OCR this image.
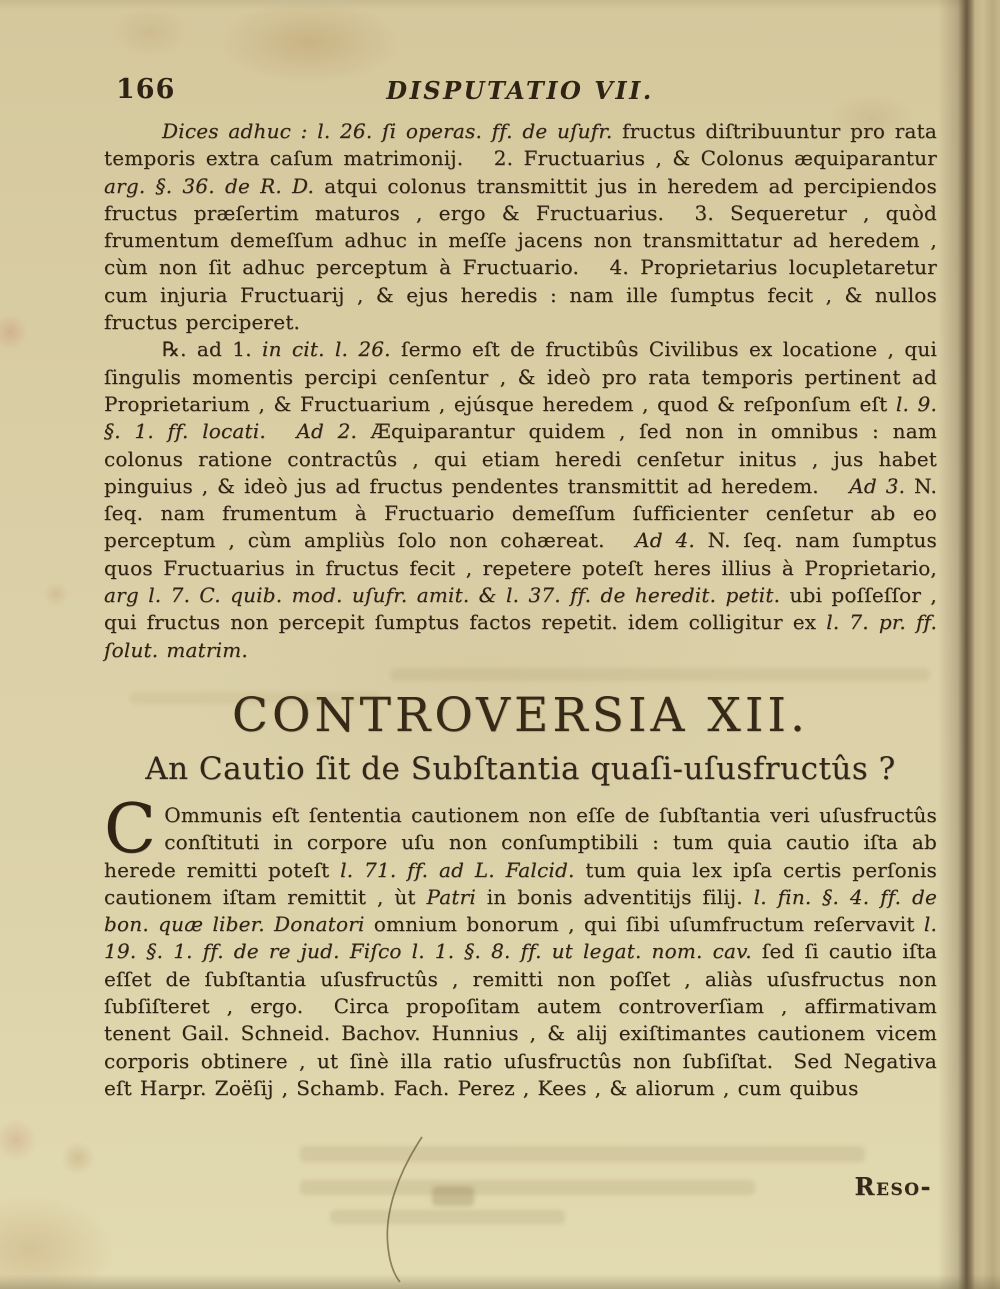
166	DISPUTATIO VII.

Dices adhuc : l. 26. ſi operas. ff. de uſufr. fructus diſtribuuntur pro rata temporis extra caſum matrimonij.  2. Fructuarius , & Colonus æquiparantur arg. §. 36. de R. D. atqui colonus transmittit jus in heredem ad percipiendos fructus præſertim maturos , ergo & Fructuarius.  3. Sequeretur , quòd frumentum demeſſum adhuc in meſſe jacens non transmittatur ad heredem , cùm non ſit adhuc perceptum à Fructuario.  4. Proprietarius locupletaretur cum injuria Fructuarij , & ejus heredis : nam ille ſumptus fecit , & nullos fructus perciperet.

℞. ad 1. in cit. l. 26. ſermo eſt de fructibûs Civilibus ex locatione , qui ſingulis momentis percipi cenſentur , & ideò pro rata temporis pertinent ad Proprietarium , & Fructuarium , ejúsque heredem , quod & reſponſum eſt l. 9. §. 1. ff. locati.  Ad 2. Æquiparantur quidem , ſed non in omnibus : nam colonus ratione contractûs , qui etiam heredi cenſetur initus , jus habet pinguius , & ideò jus ad fructus pendentes transmittit ad heredem.  Ad 3. N. ſeq. nam frumentum à Fructuario demeſſum ſufficienter cenſetur ab eo perceptum , cùm ampliùs ſolo non cohæreat.  Ad 4. N. ſeq. nam ſumptus quos Fructuarius in fructus fecit , repetere poteſt heres illius à Proprietario, arg l. 7. C. quib. mod. uſufr. amit. & l. 37. ff. de heredit. petit. ubi poſſeſſor , qui fructus non percepit ſumptus factos repetit. idem colligitur ex l. 7. pr. ff. ſolut. matrim.

CONTROVERSIA XII.
An Cautio ſit de Subſtantia quaſi-uſusfructûs ?

C Ommunis eſt ſententia cautionem non eſſe de ſubſtantia veri uſusfructûs conſtituti in corpore uſu non conſumptibili : tum quia cautio iſta ab herede remitti poteſt l. 71. ff. ad L. Falcid. tum quia lex ipſa certis perſonis cautionem iſtam remittit , ùt Patri in bonis adventitijs filij. l. fin. §. 4. ff. de bon. quæ liber. Donatori omnium bonorum , qui ſibi uſumfructum reſervavit l. 19. §. 1. ff. de re jud. Fiſco l. 1. §. 8. ff. ut legat. nom. cav. ſed ſi cautio iſta eſſet de ſubſtantia uſusfructûs , remitti non poſſet , aliàs uſusfructus non ſubſiſteret , ergo.  Circa propoſitam autem controverſiam , affirmativam tenent Gail. Schneid. Bachov. Hunnius , & alij exiſtimantes cautionem vicem corporis obtinere , ut ſinè illa ratio uſusfructûs non ſubſiſtat. Sed Negativa eſt Harpr. Zoëſij , Schamb. Fach. Perez , Kees , & aliorum , cum quibus

Reso-
